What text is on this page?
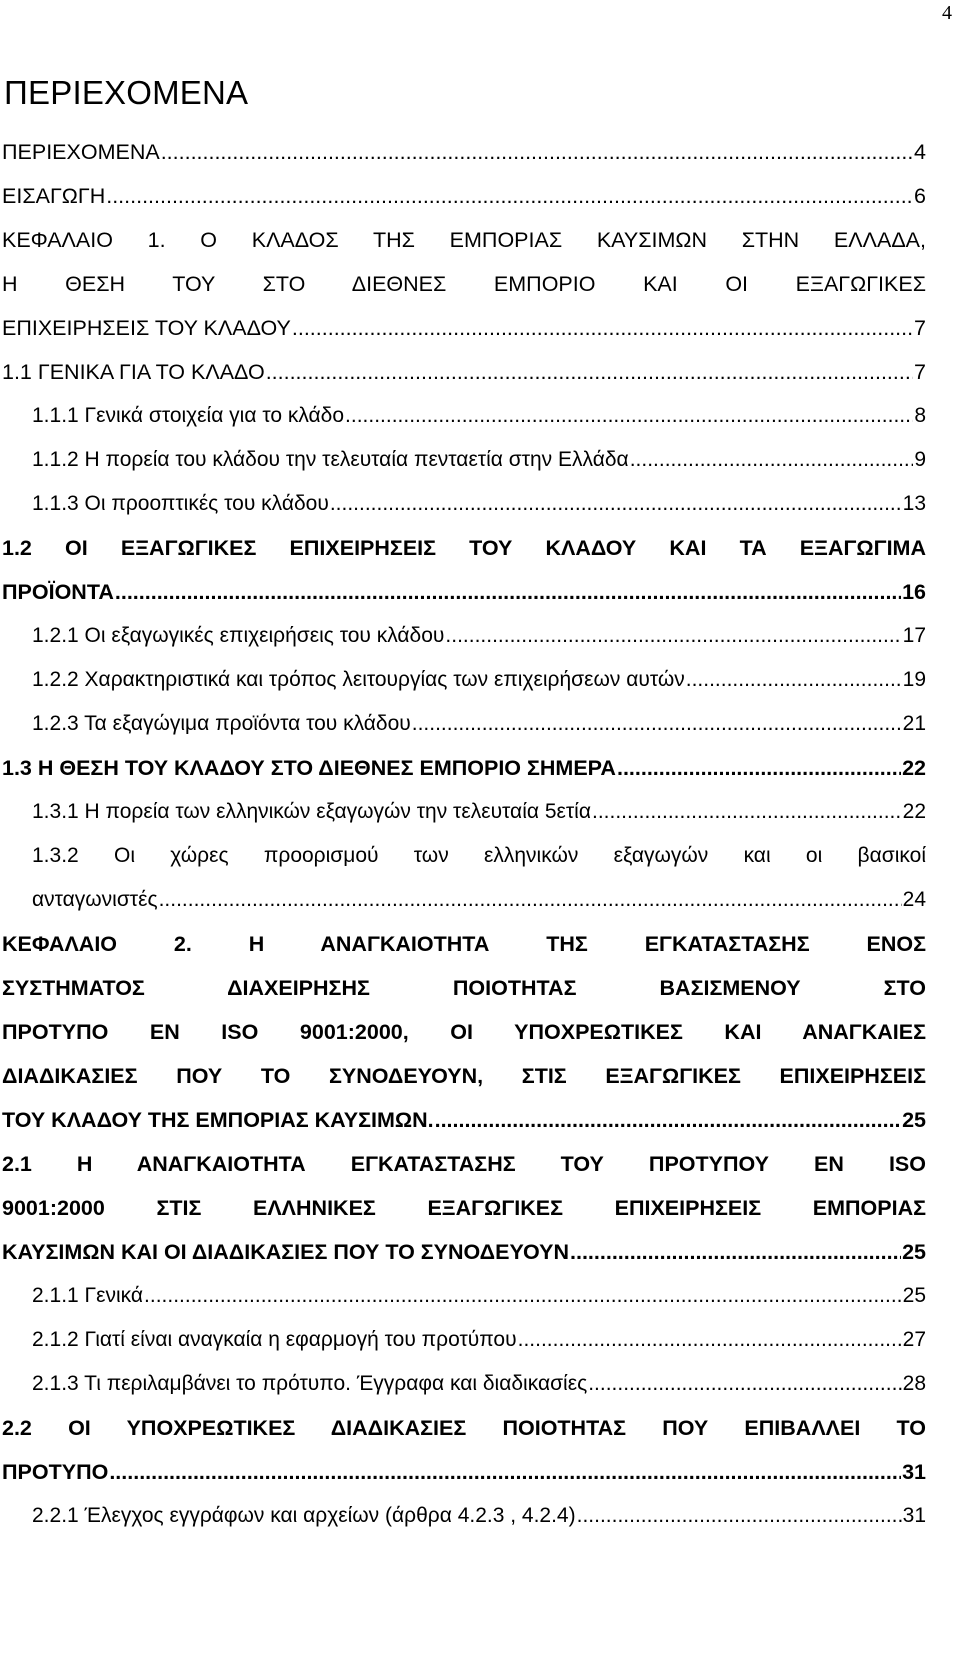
4
ΠΕΡΙΕΧΟΜΕΝΑ
ΠΕΡΙΕΧΟΜΕΝΑ .....	4
ΕΙΣΑΓΩΓΗ .....	6
ΚΕΦΑΛΑΙΟ 1. Ο ΚΛΑΔΟΣ ΤΗΣ ΕΜΠΟΡΙΑΣ ΚΑΥΣΙΜΩΝ ΣΤΗΝ ΕΛΛΑΔΑ,
Η ΘΕΣΗ ΤΟΥ ΣΤΟ ΔΙΕΘΝΕΣ ΕΜΠΟΡΙΟ ΚΑΙ ΟΙ ΕΞΑΓΩΓΙΚΕΣ
ΕΠΙΧΕΙΡΗΣΕΙΣ ΤΟΥ ΚΛΑΔΟΥ .....	7
1.1 ΓΕΝΙΚΑ ΓΙΑ ΤΟ ΚΛΑΔΟ .....	7
1.1.1 Γενικά στοιχεία για το κλάδο .....	8
1.1.2 Η πορεία του κλάδου την τελευταία πενταετία στην Ελλάδα .....	9
1.1.3 Οι προοπτικές του κλάδου .....	13
1.2 ΟΙ ΕΞΑΓΩΓΙΚΕΣ ΕΠΙΧΕΙΡΗΣΕΙΣ ΤΟΥ ΚΛΑΔΟΥ ΚΑΙ ΤΑ ΕΞΑΓΩΓΙΜΑ
ΠΡΟΪΟΝΤΑ .....	16
1.2.1 Οι εξαγωγικές επιχειρήσεις του κλάδου .....	17
1.2.2 Χαρακτηριστικά και τρόπος λειτουργίας των επιχειρήσεων αυτών .....	19
1.2.3 Τα εξαγώγιμα προϊόντα του κλάδου .....	21
1.3 Η ΘΕΣΗ ΤΟΥ ΚΛΑΔΟΥ ΣΤΟ ΔΙΕΘΝΕΣ ΕΜΠΟΡΙΟ ΣΗΜΕΡΑ .....	22
1.3.1 Η πορεία των ελληνικών εξαγωγών την τελευταία 5ετία .....	22
1.3.2 Οι χώρες προορισμού των ελληνικών εξαγωγών και οι βασικοί
ανταγωνιστές .....	24
ΚΕΦΑΛΑΙΟ 2. Η ΑΝΑΓΚΑΙΟΤΗΤΑ ΤΗΣ ΕΓΚΑΤΑΣΤΑΣΗΣ ΕΝΟΣ
ΣΥΣΤΗΜΑΤΟΣ ΔΙΑΧΕΙΡΗΣΗΣ ΠΟΙΟΤΗΤΑΣ ΒΑΣΙΣΜΕΝΟΥ ΣΤΟ
ΠΡΟΤΥΠΟ ΕΝ ISO 9001:2000, ΟΙ ΥΠΟΧΡΕΩΤΙΚΕΣ ΚΑΙ ΑΝΑΓΚΑΙΕΣ
ΔΙΑΔΙΚΑΣΙΕΣ ΠΟΥ ΤΟ ΣΥΝΟΔΕΥΟΥΝ, ΣΤΙΣ ΕΞΑΓΩΓΙΚΕΣ ΕΠΙΧΕΙΡΗΣΕΙΣ
ΤΟΥ ΚΛΑΔΟΥ ΤΗΣ ΕΜΠΟΡΙΑΣ ΚΑΥΣΙΜΩΝ. .....	25
2.1 Η ΑΝΑΓΚΑΙΟΤΗΤΑ ΕΓΚΑΤΑΣΤΑΣΗΣ ΤΟΥ ΠΡΟΤΥΠΟΥ ΕΝ ISO
9001:2000 ΣΤΙΣ ΕΛΛΗΝΙΚΕΣ ΕΞΑΓΩΓΙΚΕΣ ΕΠΙΧΕΙΡΗΣΕΙΣ ΕΜΠΟΡΙΑΣ
ΚΑΥΣΙΜΩΝ ΚΑΙ ΟΙ ΔΙΑΔΙΚΑΣΙΕΣ ΠΟΥ ΤΟ ΣΥΝΟΔΕΥΟΥΝ .....	25
2.1.1 Γενικά .....	25
2.1.2 Γιατί είναι αναγκαία η εφαρμογή του προτύπου .....	27
2.1.3 Τι περιλαμβάνει το πρότυπο. Έγγραφα και διαδικασίες .....	28
2.2 ΟΙ ΥΠΟΧΡΕΩΤΙΚΕΣ ΔΙΑΔΙΚΑΣΙΕΣ ΠΟΙΟΤΗΤΑΣ ΠΟΥ ΕΠΙΒΑΛΛΕΙ ΤΟ
ΠΡΟΤΥΠΟ .....	31
2.2.1 Έλεγχος εγγράφων και αρχείων (άρθρα 4.2.3 , 4.2.4) .....	31
